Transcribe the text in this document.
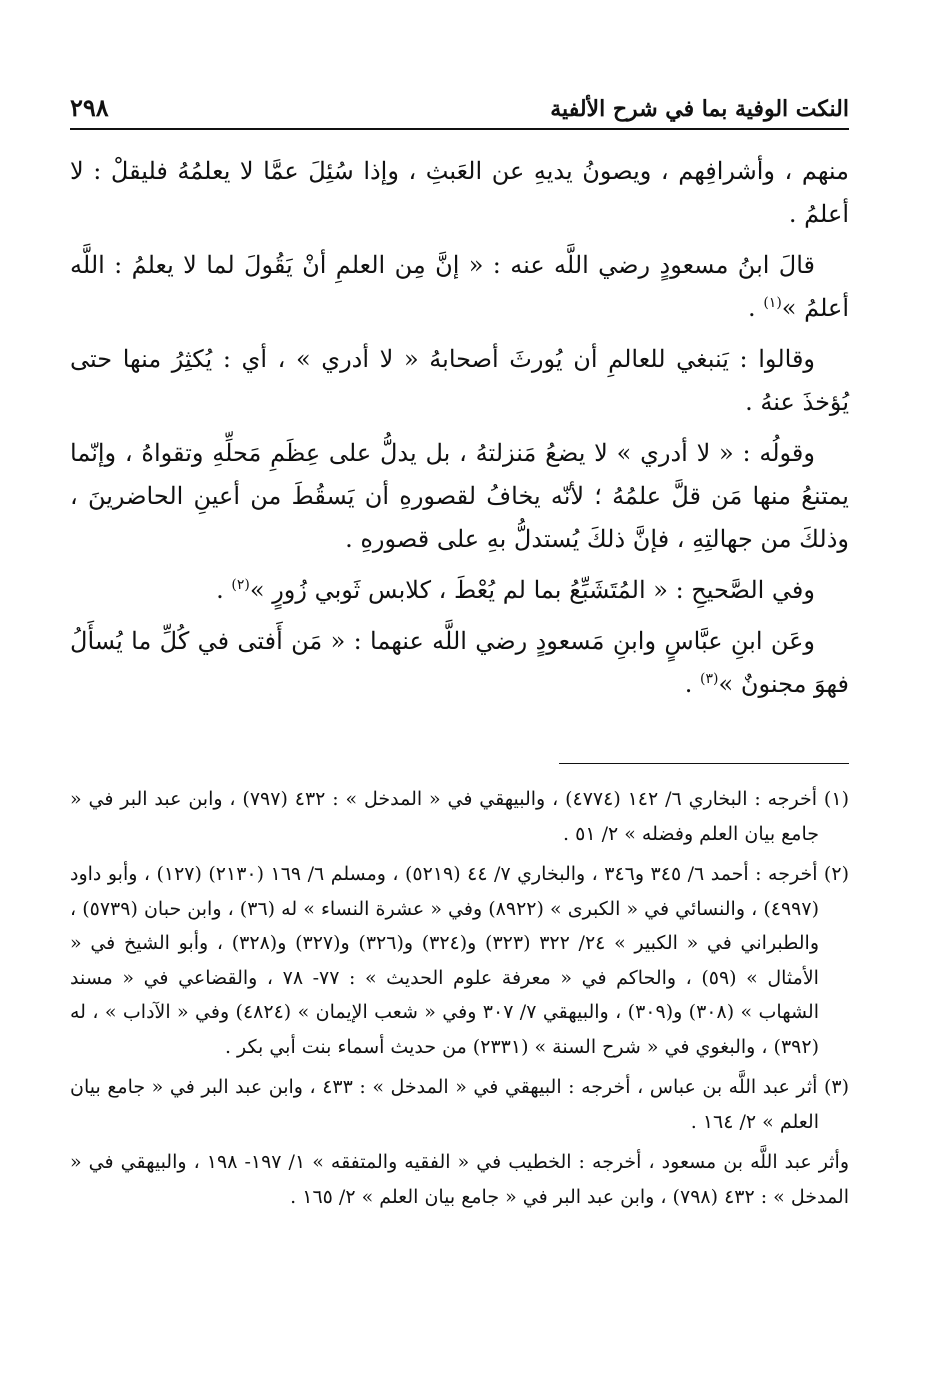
النكت الوفية بما في شرح الألفية
٢٩٨

منهم ، وأشرافِهم ، ويصونُ يديهِ عن العَبثِ ، وإذا سُئِلَ عمَّا لا يعلمُهُ فليقلْ : لا أعلمُ .

قالَ ابنُ مسعودٍ رضي اللَّه عنه : « إنَّ مِن العلمِ أنْ يَقُولَ لما لا يعلمُ : اللَّه أعلمُ »$^{(١)}$ .

وقالوا : يَنبغي للعالمِ أن يُورثَ أصحابهُ « لا أدري » ، أي : يُكثِرُ منها حتى يُؤخذَ عنهُ .

وقولُه : « لا أدري » لا يضعُ مَنزلتهُ ، بل يدلُّ على عِظَمِ مَحلِّهِ وتقواهُ ، وإنّما يمتنعُ منها مَن قلَّ علمُهُ ؛ لأنّه يخافُ لقصورهِ أن يَسقُطَ من أعينِ الحاضرينَ ، وذلكَ من جهالتِهِ ، فإنَّ ذلكَ يُستدلُّ بهِ على قصورهِ .

وفي الصَّحيحِ : « المُتَشَبِّعُ بما لم يُعْطَ ، كلابس ثَوبي زُورٍ »$^{(٢)}$ .

وعَن ابنِ عبَّاسٍ وابنِ مَسعودٍ رضي اللَّه عنهما : « مَن أَفتى في كُلِّ ما يُسأَلُ فهوَ مجنونٌ »$^{(٣)}$ .

(١) أخرجه : البخاري ٦/ ١٤٢ (٤٧٧٤) ، والبيهقي في « المدخل » : ٤٣٢ (٧٩٧) ، وابن عبد البر في « جامع بيان العلم وفضله » ٢/ ٥١ .

(٢) أخرجه : أحمد ٦/ ٣٤٥ و٣٤٦ ، والبخاري ٧/ ٤٤ (٥٢١٩) ، ومسلم ٦/ ١٦٩ (٢١٣٠) (١٢٧) ، وأبو داود (٤٩٩٧) ، والنسائي في « الكبرى » (٨٩٢٢) وفي « عشرة النساء » له (٣٦) ، وابن حبان (٥٧٣٩) ، والطبراني في « الكبير » ٢٤/ ٣٢٢ (٣٢٣) و(٣٢٤) و(٣٢٦) و(٣٢٧) و(٣٢٨) ، وأبو الشيخ في « الأمثال » (٥٩) ، والحاكم في « معرفة علوم الحديث » : ٧٧- ٧٨ ، والقضاعي في « مسند الشهاب » (٣٠٨) و(٣٠٩) ، والبيهقي ٧/ ٣٠٧ وفي « شعب الإيمان » (٤٨٢٤) وفي « الآداب » ، له (٣٩٢) ، والبغوي في « شرح السنة » (٢٣٣١) من حديث أسماء بنت أبي بكر .

(٣) أثر عبد اللَّه بن عباس ، أخرجه : البيهقي في « المدخل » : ٤٣٣ ، وابن عبد البر في « جامع بيان العلم » ٢/ ١٦٤ .

وأثر عبد اللَّه بن مسعود ، أخرجه : الخطيب في « الفقيه والمتفقه » ١/ ١٩٧- ١٩٨ ، والبيهقي في « المدخل » : ٤٣٢ (٧٩٨) ، وابن عبد البر في « جامع بيان العلم » ٢/ ١٦٥ .
